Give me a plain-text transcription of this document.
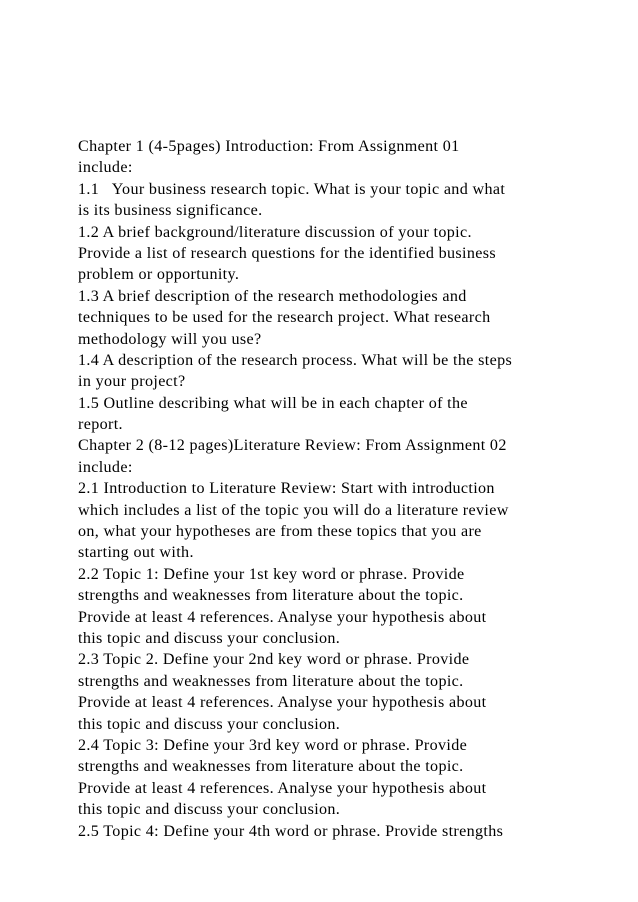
Chapter 1 (4-5pages) Introduction: From Assignment 01
include:
1.1   Your business research topic. What is your topic and what
is its business significance.
1.2 A brief background/literature discussion of your topic.
Provide a list of research questions for the identified business
problem or opportunity.
1.3 A brief description of the research methodologies and
techniques to be used for the research project. What research
methodology will you use?
1.4 A description of the research process. What will be the steps
in your project?
1.5 Outline describing what will be in each chapter of the
report.
Chapter 2 (8-12 pages)Literature Review: From Assignment 02
include:
2.1 Introduction to Literature Review: Start with introduction
which includes a list of the topic you will do a literature review
on, what your hypotheses are from these topics that you are
starting out with.
2.2 Topic 1: Define your 1st key word or phrase. Provide
strengths and weaknesses from literature about the topic.
Provide at least 4 references. Analyse your hypothesis about
this topic and discuss your conclusion.
2.3 Topic 2. Define your 2nd key word or phrase. Provide
strengths and weaknesses from literature about the topic.
Provide at least 4 references. Analyse your hypothesis about
this topic and discuss your conclusion.
2.4 Topic 3: Define your 3rd key word or phrase. Provide
strengths and weaknesses from literature about the topic.
Provide at least 4 references. Analyse your hypothesis about
this topic and discuss your conclusion.
2.5 Topic 4: Define your 4th word or phrase. Provide strengths
